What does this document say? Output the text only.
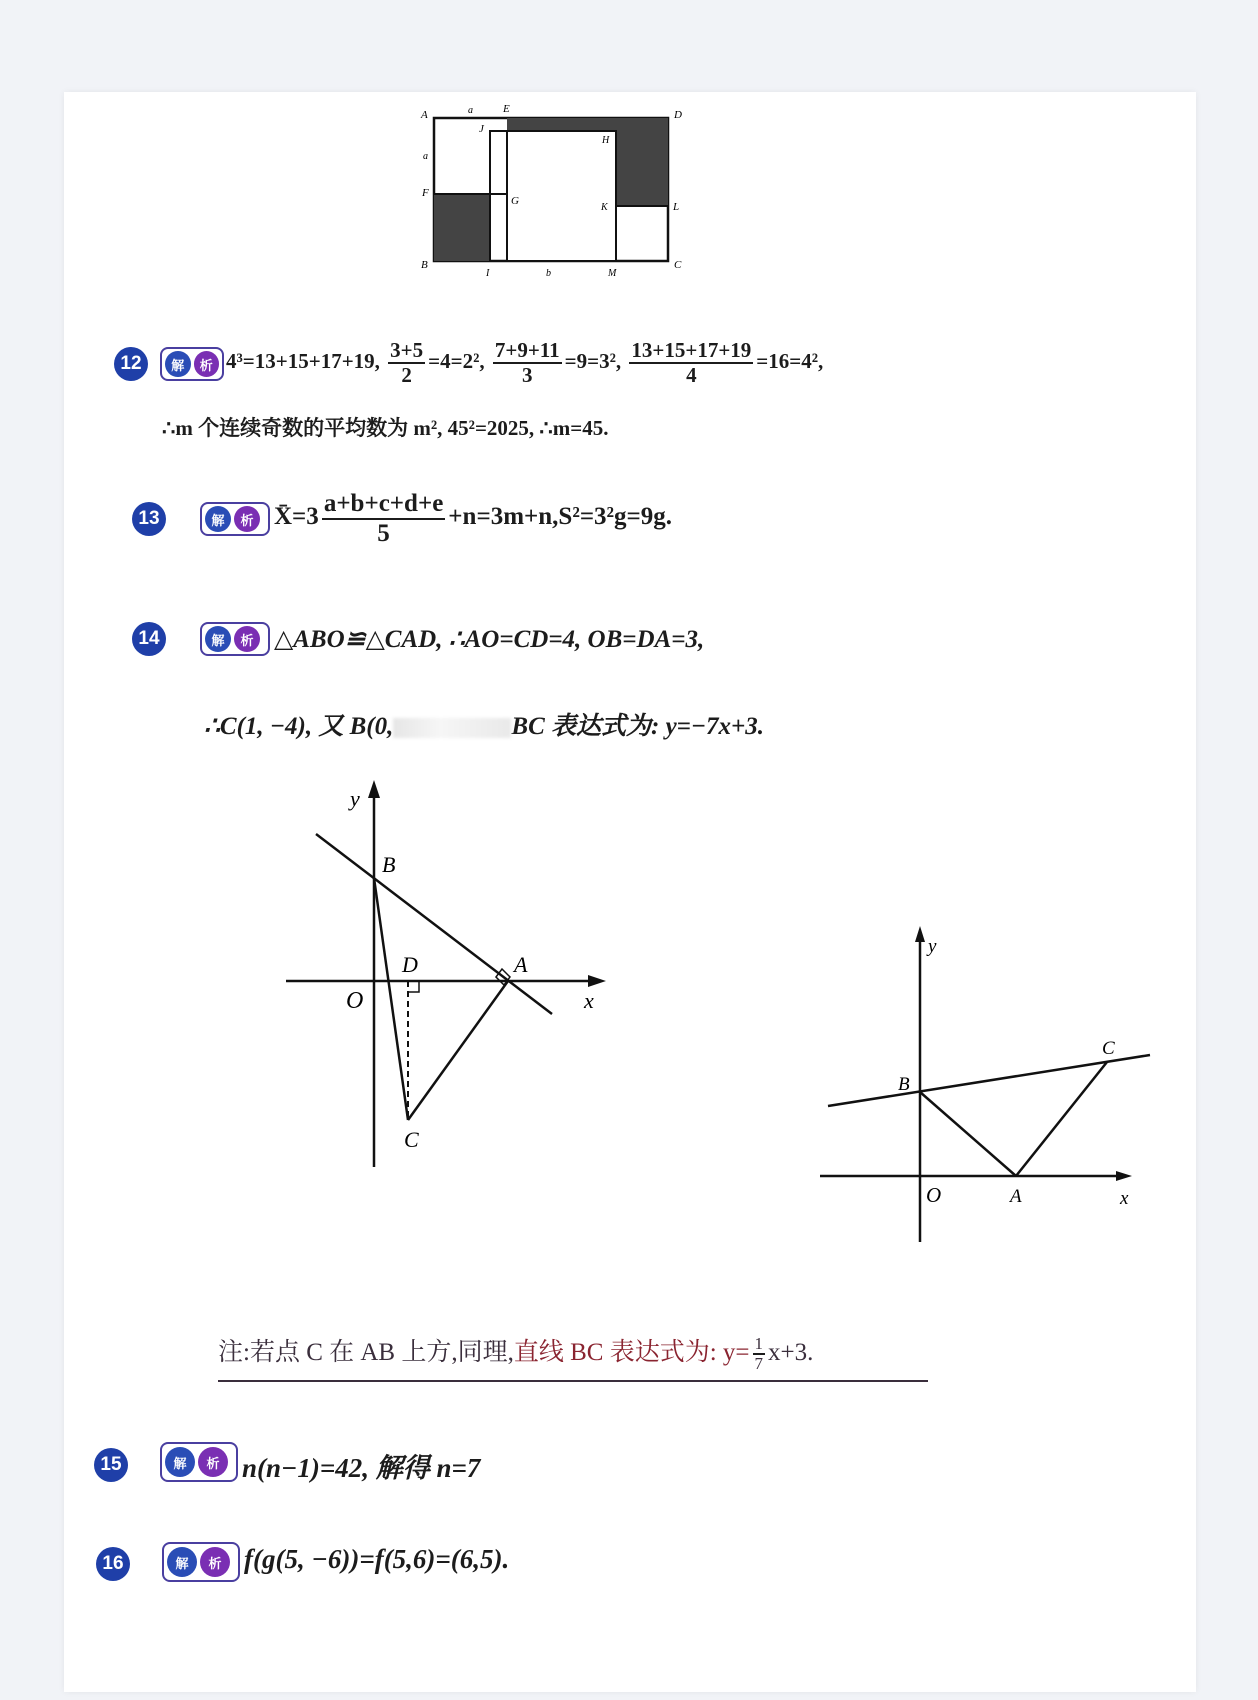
A	a	E	D
J
H
a
F
G
K	L
B
I	b	M
C
12	解	析 4³=13+15+17+19, $\frac{3+5}{2} =4=2^2$, $\frac{7+9+11}{3} =9=3^2$, $\frac{13+15+17+19}{4} =16=4^2$,
∴m 个连续奇数的平均数为 m², 45²=2025, ∴m=45.
13	解	析 X̄=3 $\frac{a+b+c+d+e}{5} +n=3m+n,S^2=3^2g=9g$.
14	解	析 △ABO≌△CAD, ∴AO=CD=4, OB=DA=3,
∴C(1, −4), 又 B(0,	BC 表达式为: y=−7x+3.
y
B
D	A
O	x
C
y
B
C
O	A	x
注:若点 C 在 AB 上方,同理,直线 BC 表达式为: $y= \frac{1}{7} x+3$.
15	解	析 n(n−1)=42, 解得 n=7
16	解	析 f(g(5, −6))=f(5,6)=(6,5).
